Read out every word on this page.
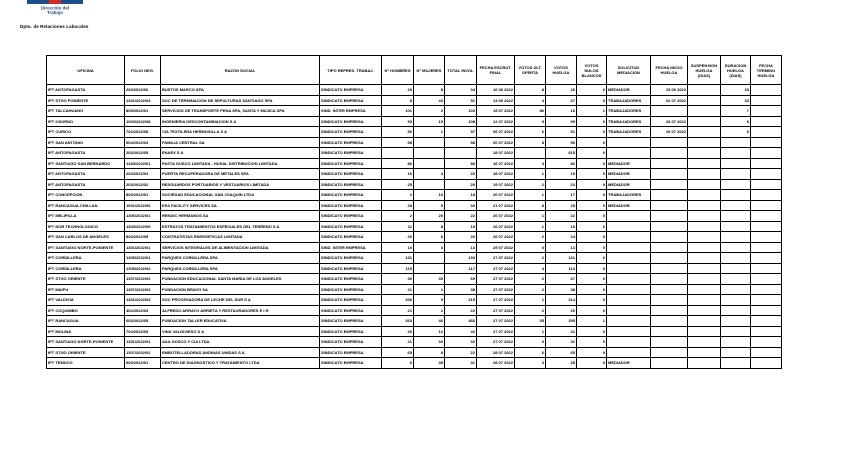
Dirección del
Trabajo
Dpto. de Relaciones Laborales
OFICINA	FOLIO NEG.	RAZON SOCIAL	TIPO REPRES. TRABAJ.	N° HOMBRES	N° MUJERES	TOTAL INVOL	FECHA ESCRUT. FINAL	VOTOS ÚLT. OFERTA	VOTOS HUELGA	VOTOS NULOS BLANCOS	SOLICITUD MEDIACION	FECHA INICIO HUELGA	SUSPENSION HUELGA (DIAS)	DURACION HUELGA (DIAS)	FECHA TERMINO HUELGA
IPT ANTOFAGASTA	203/2022/06	BUSTOS MARCO SPA	SINDICATO EMPRESA	26	8	34	16 06 2022	8	26	0	MEDIADOR	25 06 2022		33	
IPT STGO PONIENTE	1301/2022/03	SOC DE TERMINACION DE SEPULTURAS SANTIAGO SPA	SINDICATO EMPRESA	8	43	51	13 06 2022	4	47	0	TRABAJADORES	02 07 2022		33	
IPT TALCAHUANO	805/2022/01	SERVICIOS DE TRANSPORTE PENA SPA, SANTA Y MUJICA SPA	SIND. INTER EMPRESA	101	2	103	15 07 2022	86	16	1	TRABAJADORES			7	
IPT OSORNO	1003/2022/08	INGENIERIA DESCONTAMINACION S A	SINDICATO EMPRESA	93	15	108	12 07 2022	9	99	0	TRABAJADORES	26 07 2022		6	
IPT CURICO	702/2022/08	CIA TEXTILERA HERMOSILLA S A	SINDICATO EMPRESA	56	1	57	06 07 2022	6	51	0	TRABAJADORES	26 07 2022		6	
IPT SAN ANTONIO	504/2022/04	FAMILIA CENTRAL SA	SINDICATO EMPRESA	58		58	20 07 2022	8	50	0					
IPT ANTOFAGASTA	203/2022/05	ENAEX S A	SINDICATO EMPRESA				18 07 2022		615	0					
IPT SANTIAGO SAN BERNARDO	1333/2022/01	PASTA GUSCO LIMITADA - HUSAL DISTRIBUCION LIMITADA	SINDICATO EMPRESA	86		86	16 07 2022	4	82	0	MEDIADOR				
IPT ANTOFAGASTA	203/2022/04	PUERTA RECUPERADORA DE METALES SPA	SINDICATO EMPRESA	16	4	20	18 07 2022	1	19	0	MEDIADOR				
IPT ANTOFAGASTA	203/2022/02	RESGUARDOS PORTUARIOS Y VESTUARIOS LIMITADA	SINDICATO EMPRESA	25		25	19 07 2022	2	23	0	MEDIADOR				
IPT CONCEPCION	803/2022/01	SOCIEDAD EDUCACIONAL SAN JOAQUIN LTDA	SINDICATO EMPRESA	2	16	18	20 07 2022	1	17	0	TRABAJADORES				
IPT RANCAGUA-CHILLAN	1601/2022/06	ESS FACILITY SERVICES SA	SINDICATO EMPRESA	28	5	33	21 07 2022	8	25	0	MEDIADOR				
IPT MELIPILLA	1306/2022/01	RENDIC HERMANOS SA	SINDICATO EMPRESA	2	20	22	26 07 2022	1	22	0					
IPT NOR TECHNOLOGICO	1303/2022/05	ESTRATOS TRATAMIENTOS ESPECIALES DEL TERRENO S A	SINDICATO EMPRESA	11	8	19	26 07 2022	1	18	0					
IPT SAN CARLOS DE ANGELES	803/2022/05	CONTRATISTAS ENERGETICAS LIMITADA	SINDICATO EMPRESA	20	6	26	26 07 2022	2	24	0					
IPT SANTIAGO NORTE-PONIENTE	1301/2022/01	SERVICIOS INTEGRALES DE ALIMENTACION LIMITADA	SIND. INTER EMPRESA	10	3	13	25 07 2022	0	13	0					
IPT CORDILLERA	1305/2022/01	PARQUES CORDILLERA SPA	SINDICATO EMPRESA	131		133	27 07 2022	2	131	0					
IPT CORDILLERA	1305/2022/02	PARQUES CORDILLERA SPA	SINDICATO EMPRESA	115		117	27 07 2022	4	113	0					
IPT STGO ORIENTE	1307/2022/02	FUNDACION EDUCACIONAL SANTA MARIA DE LOS ANGELES	SINDICATO EMPRESA	30	39	69	27 07 2022	2	67	0					
IPT MAIPU	1307/2022/03	FUNDACION BRAVO SA	SINDICATO EMPRESA	21	1	38	27 07 2022	2	38	0					
IPT VALDIVIA	1401/2022/03	SOC PROCESADORA DE LECHE DEL SUR S A	SINDICATO EMPRESA	206	9	215	27 07 2022	1	214	0					
IPT COQUIMBO	402/2022/03	ALFREDO ARRAYO ARRIETA Y RESTAURADORES E I R	SINDICATO EMPRESA	21	1	22	27 07 2022	2	20	0					
IPT RANCAGUA	603/2022/05	FUNDACION TALLER EDUCATIVA	SINDICATO EMPRESA	263	46	466	27 07 2022	35	295	1					
IPT MOLINA	704/2022/05	VINA VALDIVIESO S A	SINDICATO EMPRESA	26	12	42	27 07 2022	1	41	0					
IPT SANTIAGO NORTE-PONIENTE	1301/2022/01	AAA GOSCO Y CIA LTDA	SINDICATO EMPRESA	21	33	32	27 07 2022	0	32	0					
IPT STGO ORIENTE	1307/2022/02	EMBOTELLADORAS ANDINAS UNIDAS S A	SINDICATO EMPRESA	65	8	22	28 07 2022	6	65	0					
IPT TEMUCO	903/2022/01	CENTRO DE DIAGNOSTICO Y TRATAMIENTO LTDA	SINDICATO EMPRESA	6	35	31	28 07 2022	3	28	0	MEDIADOR				
